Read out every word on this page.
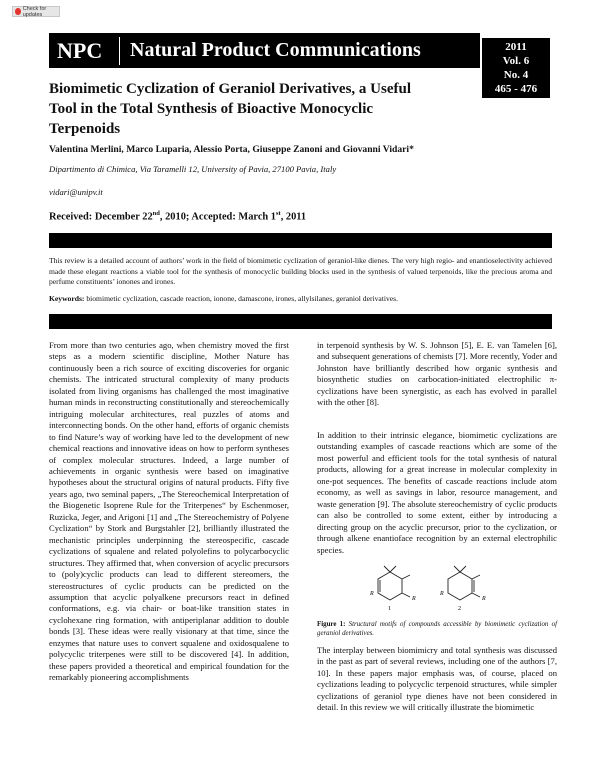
Check for updates
NPC	Natural Product Communications	2011
Vol. 6
No. 4
465 - 476
Biomimetic Cyclization of Geraniol Derivatives, a Useful Tool in the Total Synthesis of Bioactive Monocyclic Terpenoids
Valentina Merlini, Marco Luparia, Alessio Porta, Giuseppe Zanoni and Giovanni Vidari*
Dipartimento di Chimica, Via Taramelli 12, University of Pavia, 27100 Pavia, Italy
vidari@unipv.it
Received: December 22nd, 2010; Accepted: March 1st, 2011
This review is a detailed account of authors’ work in the field of biomimetic cyclization of geraniol-like dienes. The very high regio- and enantioselectivity achieved made these elegant reactions a viable tool for the synthesis of monocyclic building blocks used in the synthesis of valued terpenoids, like the precious aroma and perfume constituents’ ionones and irones.
Keywords: biomimetic cyclization, cascade reaction, ionone, damascone, irones, allylsilanes, geraniol derivatives.
From more than two centuries ago, when chemistry moved the first steps as a modern scientific discipline, Mother Nature has continuously been a rich source of exciting discoveries for organic chemists. The intricated structural complexity of many products isolated from living organisms has challenged the most imaginative human minds in reconstructing constitutionally and stereochemically intriguing molecular architectures, real puzzles of atoms and interconnecting bonds. On the other hand, efforts of organic chemists to find Nature’s way of working have led to the development of new chemical reactions and innovative ideas on how to perform syntheses of complex molecular structures. Indeed, a large number of achievements in organic synthesis were based on imaginative hypotheses about the structural origins of natural products. Fifty five years ago, two seminal papers, „The Stereochemical Interpretation of the Biogenetic Isoprene Rule for the Triterpenes“ by Eschenmoser, Ruzicka, Jeger, and Arigoni [1] and „The Stereochemistry of Polyene Cyclization“ by Stork and Burgstahler [2], brilliantly illustrated the mechanistic principles underpinning the stereospecific, cascade cyclizations of squalene and related polyolefins to polycarbocyclic structures. They affirmed that, when conversion of acyclic precursors to (poly)cyclic products can lead to different stereomers, the stereostructures of cyclic products can be predicted on the assumption that acyclic polyalkene precursors react in defined conformations, e.g. via chair- or boat-like transition states in cyclohexane ring formation, with antiperiplanar addition to double bonds [3]. These ideas were really visionary at that time, since the enzymes that nature uses to convert squalene and oxidosqualene to polycyclic triterpenes were still to be discovered [4]. In addition, these papers provided a theoretical and empirical foundation for the remarkably pioneering accomplishments
in terpenoid synthesis by W. S. Johnson [5], E. E. van Tamelen [6], and subsequent generations of chemists [7]. More recently, Yoder and Johnston have brilliantly described how organic synthesis and biosynthetic studies on carbocation-initiated electrophilic π-cyclizations have been synergistic, as each has evolved in parallel with the other [8].
In addition to their intrinsic elegance, biomimetic cyclizations are outstanding examples of cascade reactions which are some of the most powerful and efficient tools for the total synthesis of natural products, allowing for a great increase in molecular complexity in one-pot sequences. The benefits of cascade reactions include atom economy, as well as savings in labor, resource management, and waste generation [9]. The absolute stereochemistry of cyclic products can also be controlled to some extent, either by introducing a directing group on the acyclic precursor, prior to the cyclization, or through alkene enantioface recognition by an external electrophilic species.
R
R
R
R
1	2
Figure 1: Structural motifs of compounds accessible by biomimetic cyclization of geraniol derivatives.
The interplay between biomimicry and total synthesis was discussed in the past as part of several reviews, including one of the authors [7, 10]. In these papers major emphasis was, of course, placed on cyclizations leading to polycyclic terpenoid structures, while simpler cyclizations of geraniol type dienes have not been considered in detail. In this review we will critically illustrate the biomimetic
